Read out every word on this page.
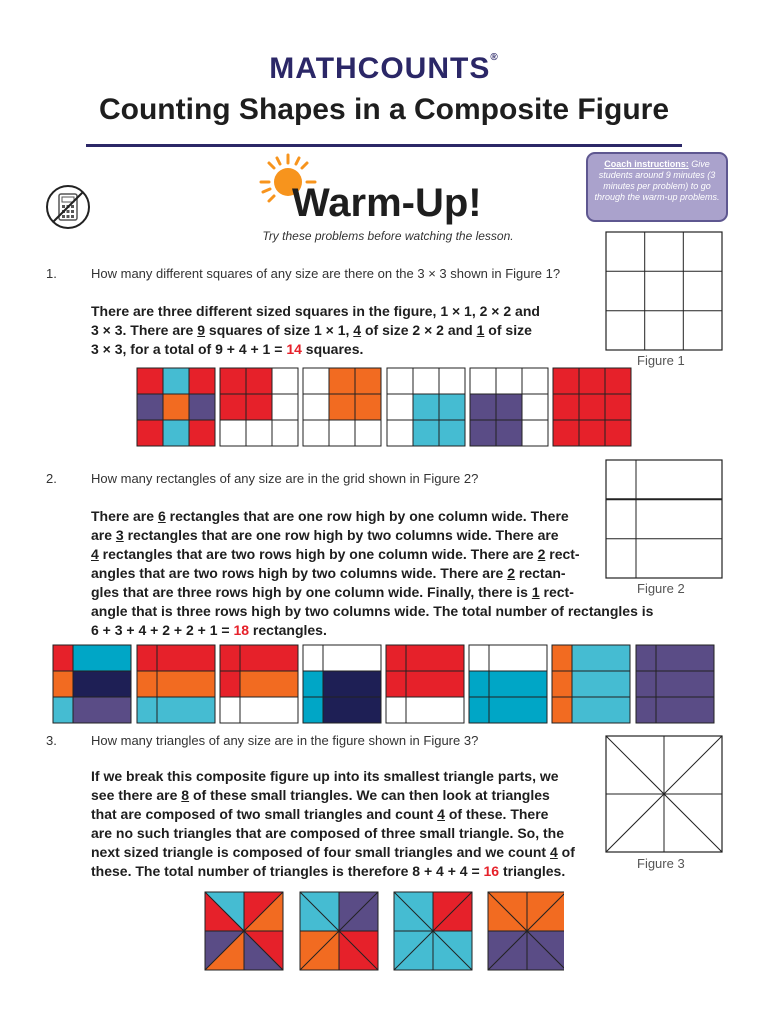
MATHCOUNTS®
Counting Shapes in a Composite Figure
Coach instructions: Give students around 9 minutes (3 minutes per problem) to go through the warm-up problems.
Warm-Up!
Try these problems before watching the lesson.
1.	How many different squares of any size are there on the 3 × 3 shown in Figure 1?
There are three different sized squares in the figure, 1 × 1, 2 × 2 and
3 × 3. There are 9 squares of size 1 × 1, 4 of size 2 × 2 and 1 of size
3 × 3, for a total of 9 + 4 + 1 = 14 squares.
Figure 1
2.	How many rectangles of any size are in the grid shown in Figure 2?
There are 6 rectangles that are one row high by one column wide. There
are 3 rectangles that are one row high by two columns wide. There are
4 rectangles that are two rows high by one column wide. There are 2 rect-
angles that are two rows high by two columns wide. There are 2 rectan-
gles that are three rows high by one column wide. Finally, there is 1 rect-
angle that is three rows high by two columns wide. The total number of rectangles is
6 + 3 + 4 + 2 + 2 + 1 = 18 rectangles.
Figure 2
3.	How many triangles of any size are in the figure shown in Figure 3?
If we break this composite figure up into its smallest triangle parts, we
see there are 8 of these small triangles. We can then look at triangles
that are composed of two small triangles and count 4 of these. There
are no such triangles that are composed of three small triangle. So, the
next sized triangle is composed of four small triangles and we count 4 of
these. The total number of triangles is therefore 8 + 4 + 4 = 16 triangles.	Figure 3
